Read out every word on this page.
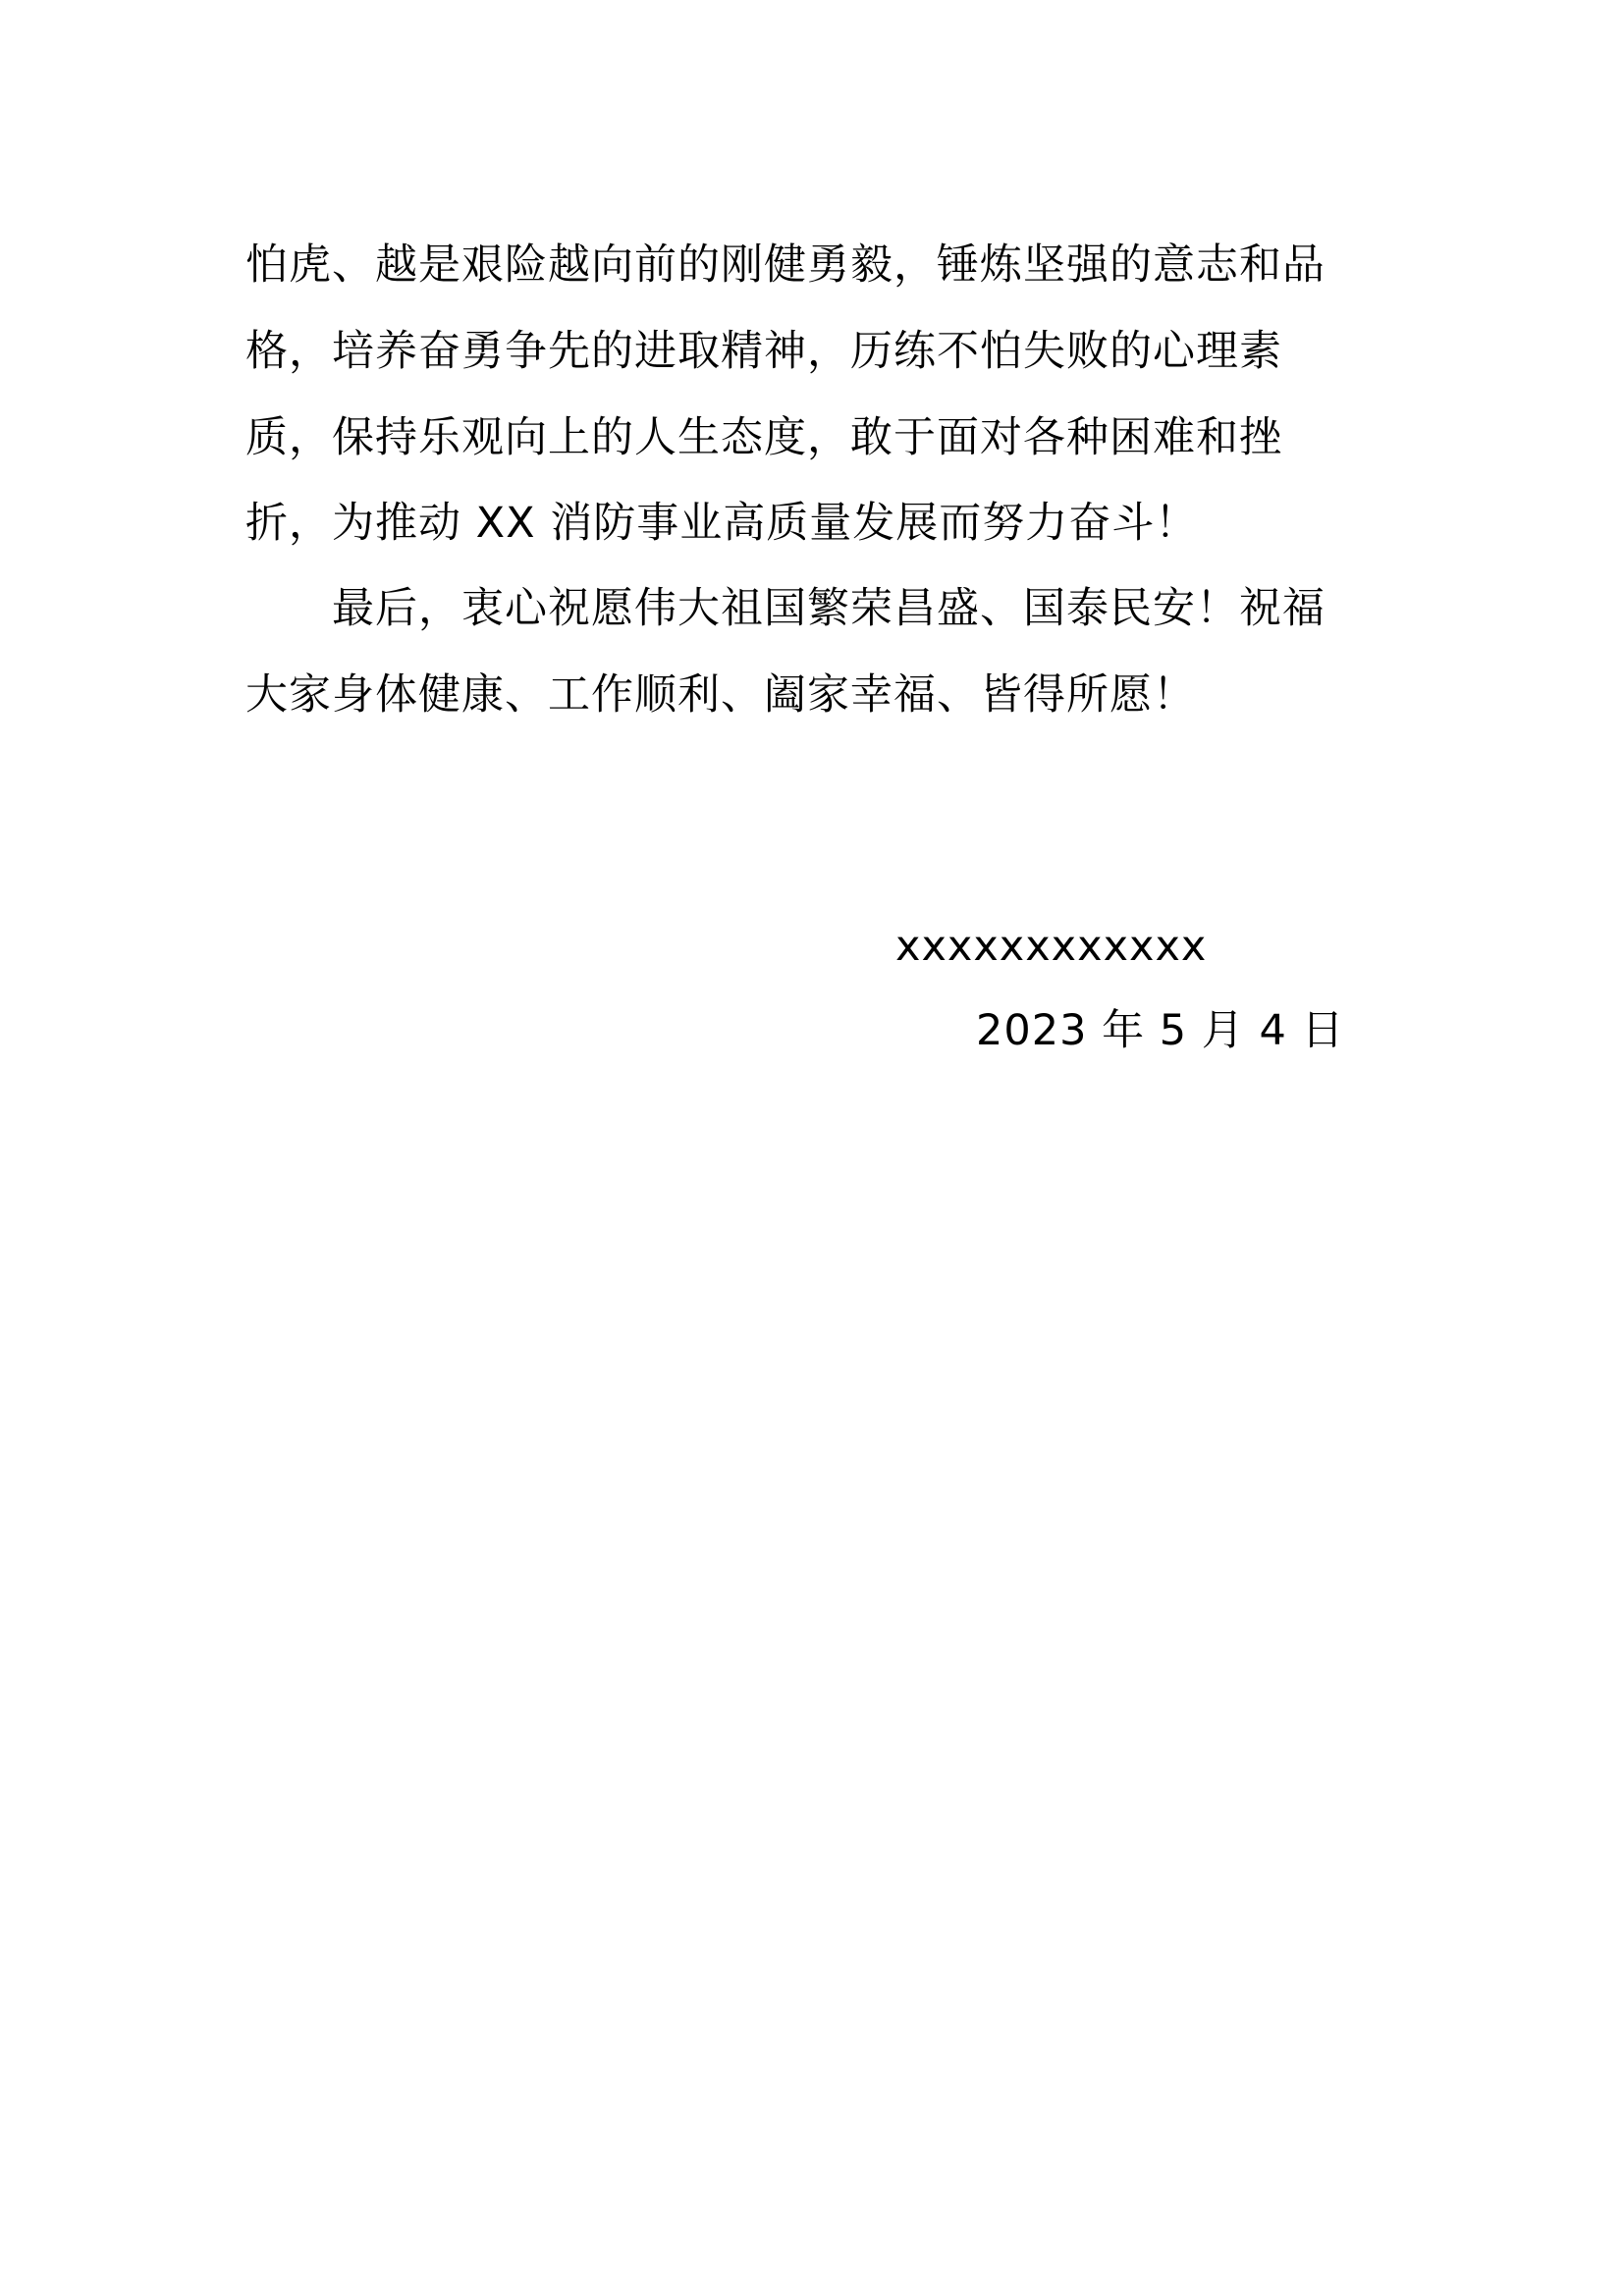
怕虎、越是艰险越向前的刚健勇毅，锤炼坚强的意志和品
格，培养奋勇争先的进取精神，历练不怕失败的心理素
质，保持乐观向上的人生态度，敢于面对各种困难和挫
折，为推动 XX 消防事业高质量发展而努力奋斗！
最后，衷心祝愿伟大祖国繁荣昌盛、国泰民安！祝福
大家身体健康、工作顺利、阖家幸福、皆得所愿！
xxxxxxxxxxxx
2023 年 5 月 4 日
